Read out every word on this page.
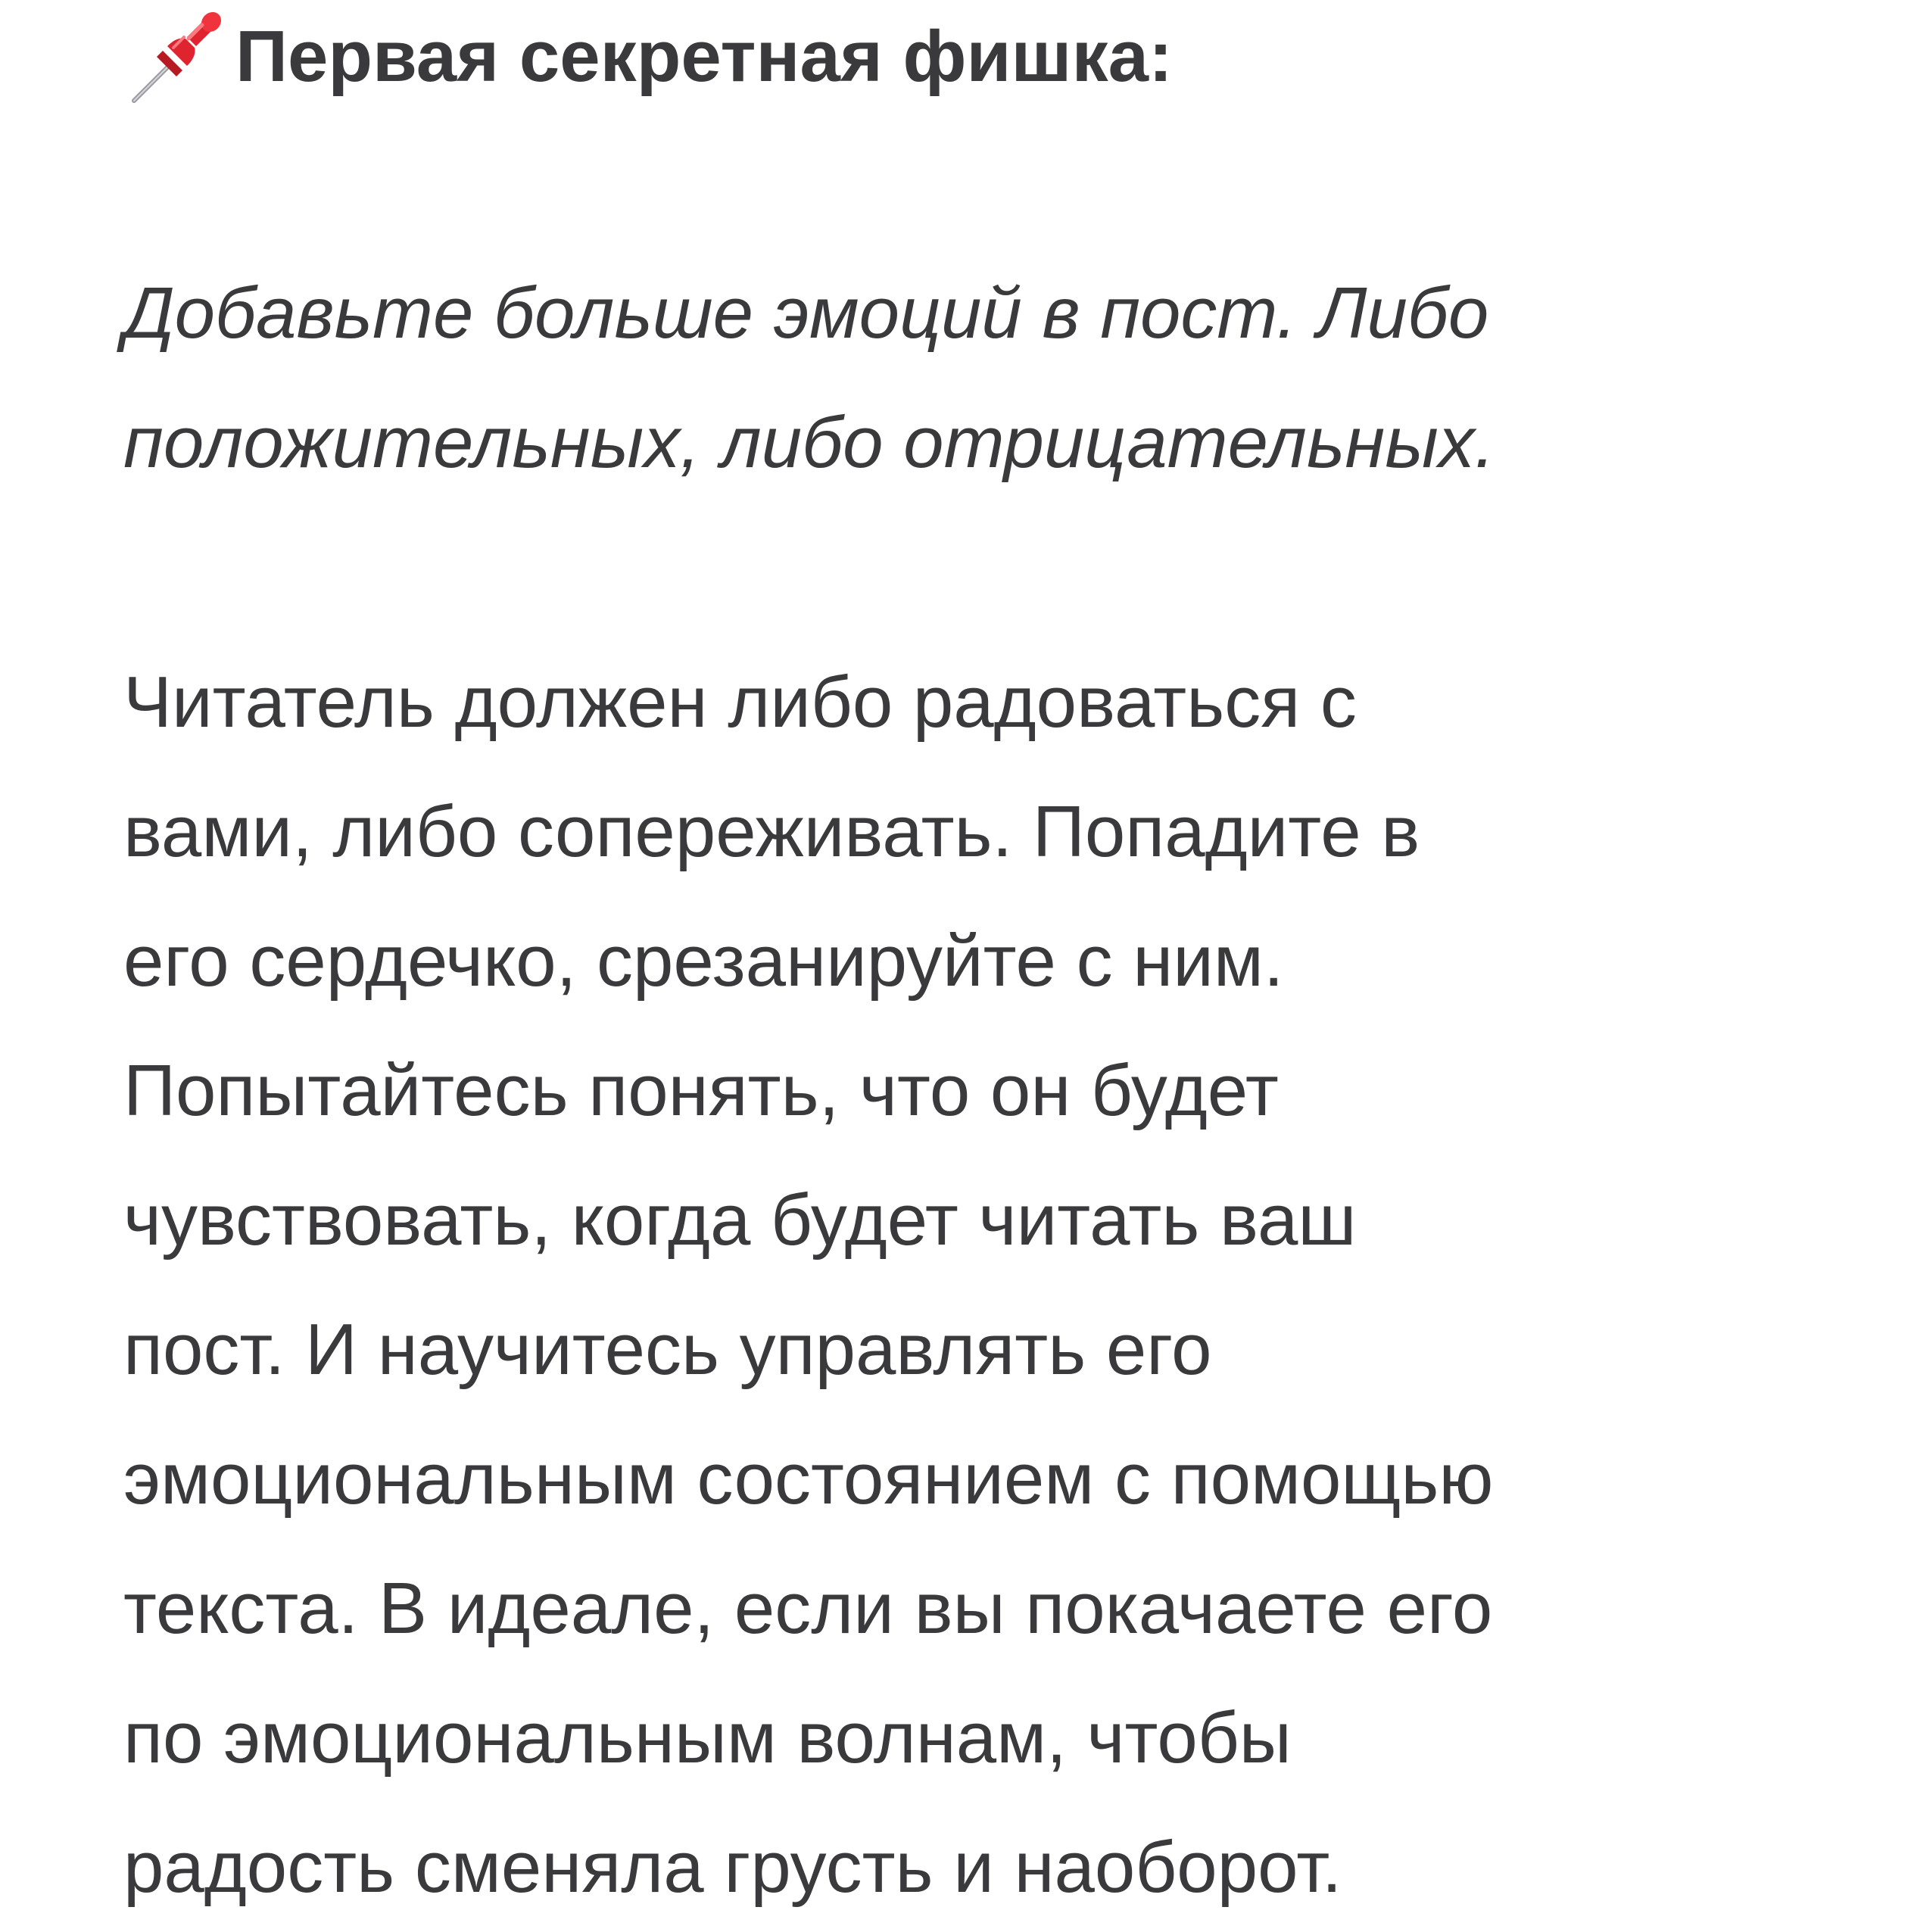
Первая секретная фишка:

Добавьте больше эмоций в пост. Либо
положительных, либо отрицательных.

Читатель должен либо радоваться с
вами, либо сопереживать. Попадите в
его сердечко, срезанируйте с ним.
Попытайтесь понять, что он будет
чувствовать, когда будет читать ваш
пост. И научитесь управлять его
эмоциональным состоянием с помощью
текста. В идеале, если вы покачаете его
по эмоциональным волнам, чтобы
радость сменяла грусть и наоборот.
